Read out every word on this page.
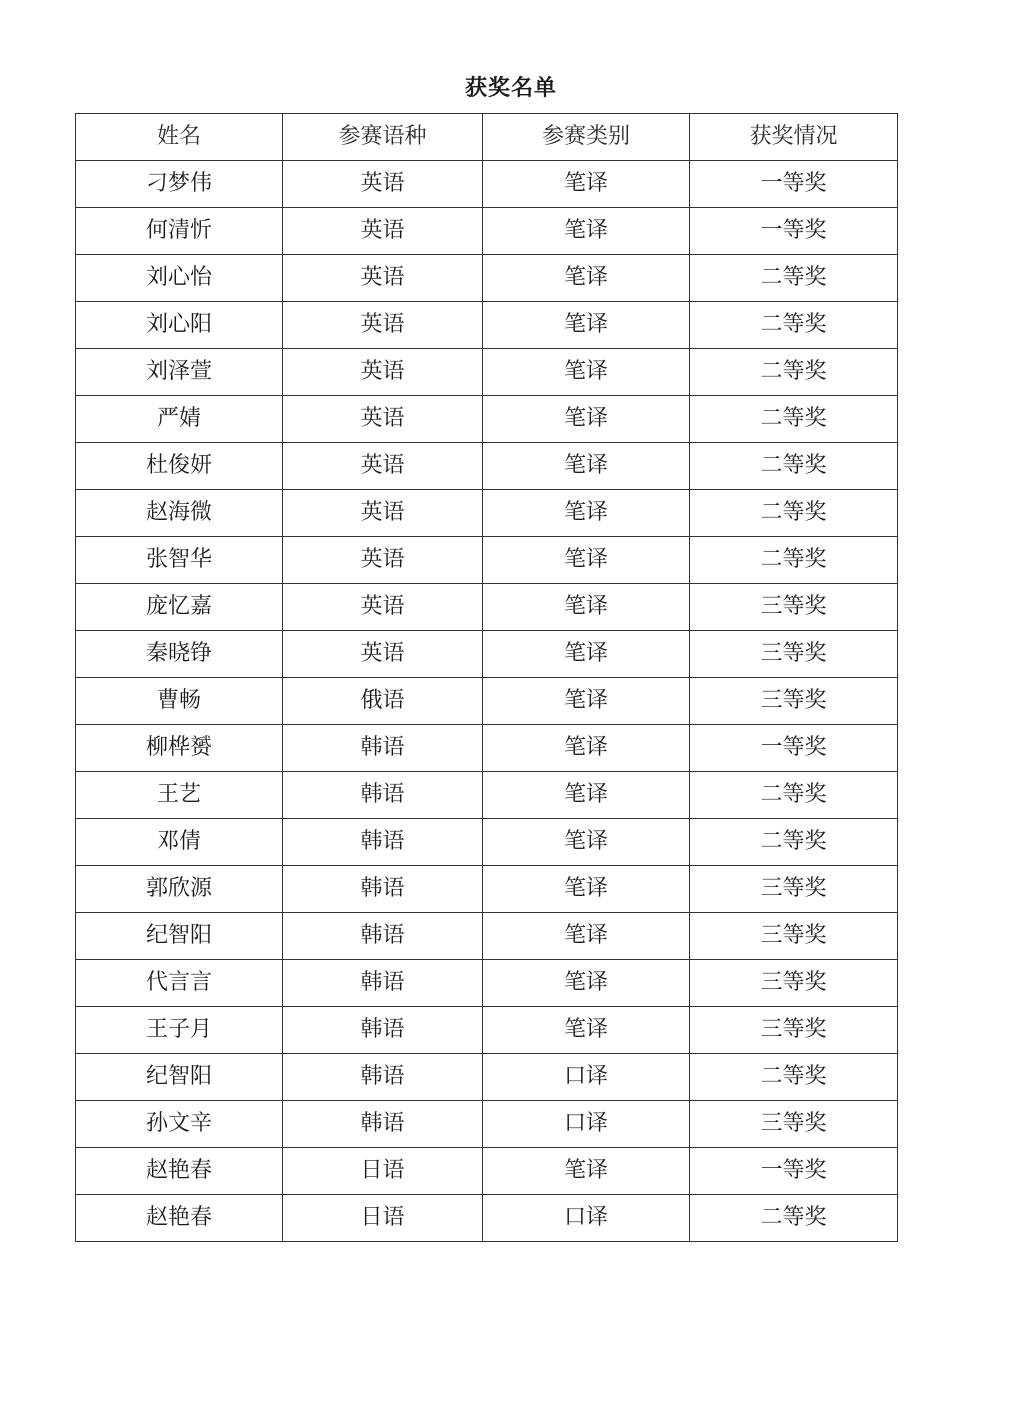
获奖名单
姓名	参赛语种	参赛类别	获奖情况
刁梦伟	英语	笔译	一等奖
何清忻	英语	笔译	一等奖
刘心怡	英语	笔译	二等奖
刘心阳	英语	笔译	二等奖
刘泽萱	英语	笔译	二等奖
严婧	英语	笔译	二等奖
杜俊妍	英语	笔译	二等奖
赵海微	英语	笔译	二等奖
张智华	英语	笔译	二等奖
庞忆嘉	英语	笔译	三等奖
秦晓铮	英语	笔译	三等奖
曹畅	俄语	笔译	三等奖
柳桦赟	韩语	笔译	一等奖
王艺	韩语	笔译	二等奖
邓倩	韩语	笔译	二等奖
郭欣源	韩语	笔译	三等奖
纪智阳	韩语	笔译	三等奖
代言言	韩语	笔译	三等奖
王子月	韩语	笔译	三等奖
纪智阳	韩语	口译	二等奖
孙文辛	韩语	口译	三等奖
赵艳春	日语	笔译	一等奖
赵艳春	日语	口译	二等奖
